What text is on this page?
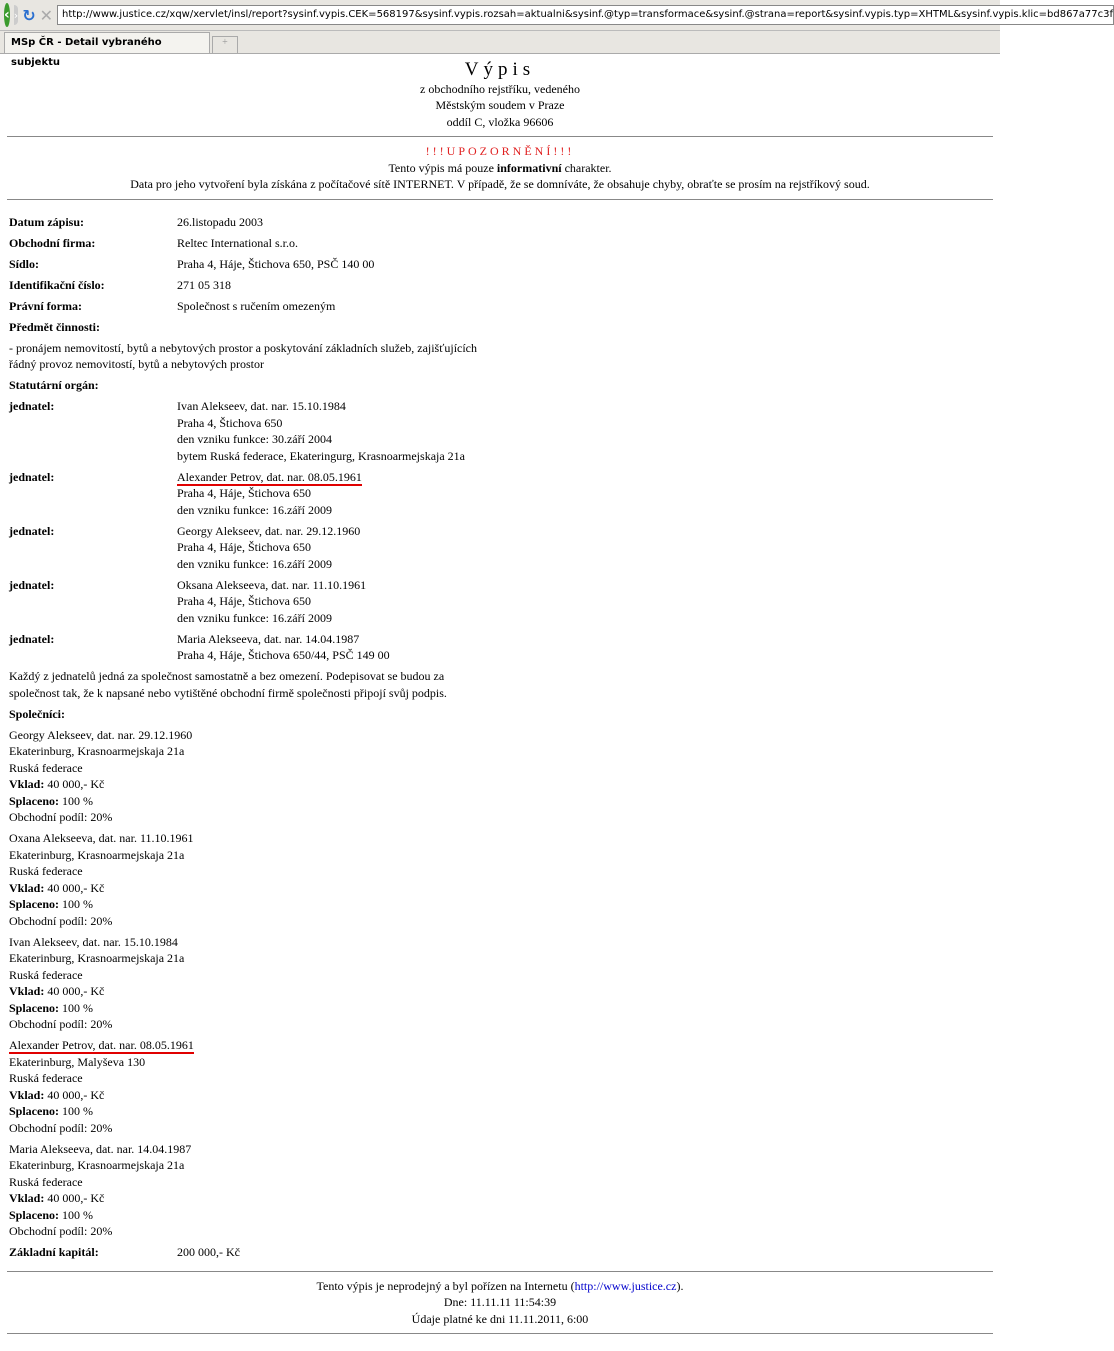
‹ › ↻ ✕ http://www.justice.cz/xqw/xervlet/insl/report?sysinf.vypis.CEK=568197&sysinf.vypis.rozsah=aktualni&sysinf.@typ=transformace&sysinf.@strana=report&sysinf.vypis.typ=XHTML&sysinf.vypis.klic=bd867a77c3f
MSp ČR - Detail vybraného subjektu
+
Výpis
z obchodního rejstříku, vedeného
Městským soudem v Praze
oddíl C, vložka 96606
!!!UPOZORNĚNÍ!!!
Tento výpis má pouze informativní charakter.
Data pro jeho vytvoření byla získána z počítačové sítě INTERNET. V případě, že se domníváte, že obsahuje chyby, obraťte se prosím na rejstříkový soud.
Datum zápisu:	26.listopadu 2003
Obchodní firma:	Reltec International s.r.o.
Sídlo:	Praha 4, Háje, Štichova 650, PSČ 140 00
Identifikační číslo:	271 05 318
Právní forma:	Společnost s ručením omezeným
Předmět činnosti:
- pronájem nemovitostí, bytů a nebytových prostor a poskytování základních služeb, zajišťujících
řádný provoz nemovitostí, bytů a nebytových prostor
Statutární orgán:
jednatel:	Ivan Alekseev, dat. nar. 15.10.1984
Praha 4, Štichova 650
den vzniku funkce: 30.září 2004
bytem Ruská federace, Ekateringurg, Krasnoarmejskaja 21a
jednatel:	Alexander Petrov, dat. nar. 08.05.1961
Praha 4, Háje, Štichova 650
den vzniku funkce: 16.září 2009
jednatel:	Georgy Alekseev, dat. nar. 29.12.1960
Praha 4, Háje, Štichova 650
den vzniku funkce: 16.září 2009
jednatel:	Oksana Alekseeva, dat. nar. 11.10.1961
Praha 4, Háje, Štichova 650
den vzniku funkce: 16.září 2009
jednatel:	Maria Alekseeva, dat. nar. 14.04.1987
Praha 4, Háje, Štichova 650/44, PSČ 149 00
Každý z jednatelů jedná za společnost samostatně a bez omezení. Podepisovat se budou za
společnost tak, že k napsané nebo vytištěné obchodní firmě společnosti připojí svůj podpis.
Společníci:
Georgy Alekseev, dat. nar. 29.12.1960
Ekaterinburg, Krasnoarmejskaja 21a
Ruská federace
Vklad: 40 000,- Kč
Splaceno: 100 %
Obchodní podíl: 20%
Oxana Alekseeva, dat. nar. 11.10.1961
Ekaterinburg, Krasnoarmejskaja 21a
Ruská federace
Vklad: 40 000,- Kč
Splaceno: 100 %
Obchodní podíl: 20%
Ivan Alekseev, dat. nar. 15.10.1984
Ekaterinburg, Krasnoarmejskaja 21a
Ruská federace
Vklad: 40 000,- Kč
Splaceno: 100 %
Obchodní podíl: 20%
Alexander Petrov, dat. nar. 08.05.1961
Ekaterinburg, Malyševa 130
Ruská federace
Vklad: 40 000,- Kč
Splaceno: 100 %
Obchodní podíl: 20%
Maria Alekseeva, dat. nar. 14.04.1987
Ekaterinburg, Krasnoarmejskaja 21a
Ruská federace
Vklad: 40 000,- Kč
Splaceno: 100 %
Obchodní podíl: 20%
Základní kapitál:	200 000,- Kč
Tento výpis je neprodejný a byl pořízen na Internetu (http://www.justice.cz).
Dne: 11.11.11 11:54:39
Údaje platné ke dni 11.11.2011, 6:00
